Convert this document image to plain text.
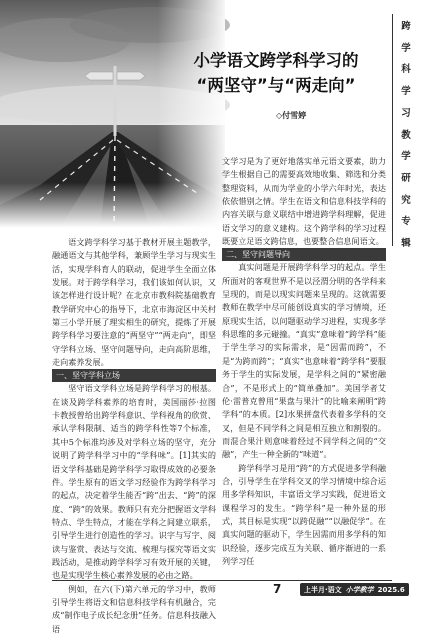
小学语文跨学科学习的
“两坚守”与“两走向”
◇付雪婷
跨
学
科
学
习
教
学
研
究
专
辑

语文跨学科学习基于教材开展主题教学，融通语文与其他学科，兼顾学生学习与现实生活，实现学科育人的联动，促进学生全面立体发展。对于跨学科学习，我们该如何认识，又该怎样进行设计呢？在北京市教科院基础教育教学研究中心的指导下，北京市海淀区中关村第三小学开展了理实相生的研究，提炼了开展跨学科学习要注意的“两坚守”“两走向”，即坚守学科立场、坚守问题导向，走向高阶思维，走向素养发展。

一、坚守学科立场

坚守语文学科立场是跨学科学习的根基。在谈及跨学科素养的培育时，美国丽莎·拉图卡教授曾给出跨学科意识、学科视角的欣赏、承认学科限制、适当的跨学科性等7个标准，其中5个标准均涉及对学科立场的坚守，充分说明了跨学科学习中的“学科味”。[1]其实的语文学科基础是跨学科学习取得成效的必要条件。学生原有的语文学习经验作为跨学科学习的起点，决定着学生能否“跨”出去、“跨”的深度、“跨”的效果。教师只有充分把握语文学科特点、学生特点，才能在学科之间建立联系，引导学生进行创造性的学习。识字与写字、阅读与鉴赏、表达与交流、梳理与探究等语文实践活动，是推动跨学科学习有效开展的关键，也是实现学生核心素养发展的必由之路。

例如，在六(下)第六单元的学习中，教师引导学生将语文和信息科技学科有机融合，完成“制作电子成长纪念册”任务。信息科技融入语

文学习是为了更好地落实单元语文要素，助力学生根据自己的需要高效地收集、筛选和分类整理资料，从而为学业的小学六年时光，表达依依惜别之情。学生在语文和信息科技学科的内容关联与意义联结中增进跨学科理解，促进语文学习的意义建构。这个跨学科的学习过程既要立足语文跨信息，也要整合信息间语文。

二、坚守问题导向

真实问题是开展跨学科学习的起点。学生所面对的客观世界不是以泾渭分明的各学科来呈现的，而是以现实问题来呈现的。这就需要教师在教学中尽可能创设真实的学习情境，还原现实生活，以问题驱动学习进程，实现多学科思维的多元碰撞。“真实”意味着“跨学科”能于学生学习的实际需求，是“因需而跨”，不是“为跨而跨”；“真实”也意味着“跨学科”要服务于学生的实际发展，是学科之间的“紧密融合”，不是形式上的“简单叠加”。美国学者艾伦·雷普克曾用“果盘与果汁”的比喻来阐明“跨学科”的本质。[2]水果拼盘代表着多学科的交叉，但是不同学科之间是相互独立和割裂的。而混合果汁则意味着经过不同学科之间的“交融”，产生一种全新的“味道”。

跨学科学习是用“跨”的方式促进多学科融合，引导学生在学科交叉的学习情境中综合运用多学科知识，丰富语文学习实践，促进语文课程学习的发生。“跨学科”是一种外显的形式，其目标是实现“以跨促融”“以融促学”。在真实问题的驱动下，学生因需而用多学科的知识经验，逐步完成互为关联、循序渐进的一系列学习任

7	上半月·语文 小学教学 2025.6
